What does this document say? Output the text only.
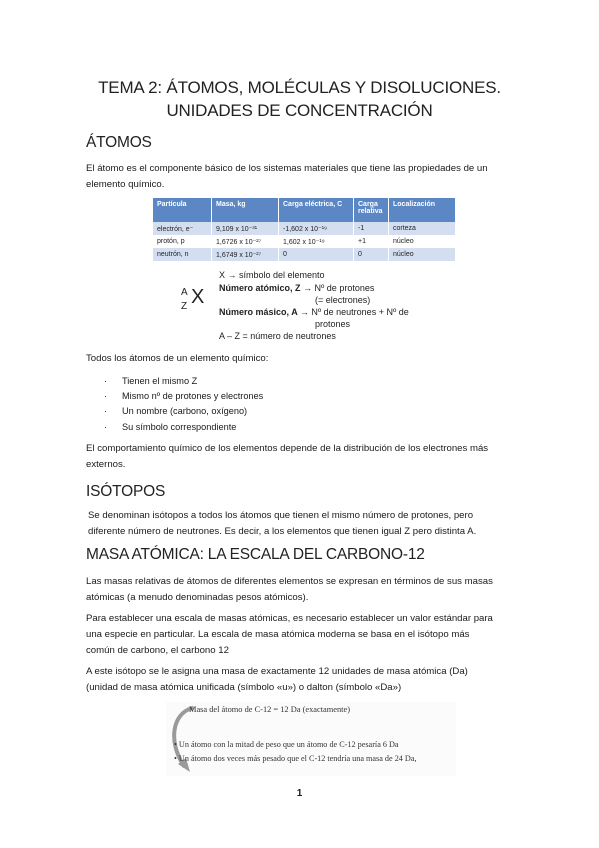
TEMA 2: ÁTOMOS, MOLÉCULAS Y DISOLUCIONES.
UNIDADES DE CONCENTRACIÓN
ÁTOMOS
El átomo es el componente básico de los sistemas materiales que tiene las propiedades de un
elemento químico.
Partícula	Masa, kg	Carga eléctrica, C	Carga relativa	Localización
electrón, e⁻	9,109 x 10⁻³¹	-1,602 x 10⁻¹⁹	-1	corteza
protón, p	1,6726 x 10⁻²⁷	1,602 x 10⁻¹⁹	+1	núcleo
neutrón, n	1,6749 x 10⁻²⁷	0	0	núcleo
A
Z X
X → símbolo del elemento
Número atómico, Z → Nº de protones
(= electrones)
Número másico, A → Nº de neutrones + Nº de
protones
A – Z = número de neutrones
Todos los átomos de un elemento químico:
· Tienen el mismo Z
· Mismo nº de protones y electrones
· Un nombre (carbono, oxígeno)
· Su símbolo correspondiente
El comportamiento químico de los elementos depende de la distribución de los electrones más
externos.
ISÓTOPOS
Se denominan isótopos a todos los átomos que tienen el mismo número de protones, pero
diferente número de neutrones. Es decir, a los elementos que tienen igual Z pero distinta A.
MASA ATÓMICA: LA ESCALA DEL CARBONO-12
Las masas relativas de átomos de diferentes elementos se expresan en términos de sus masas
atómicas (a menudo denominadas pesos atómicos).
Para establecer una escala de masas atómicas, es necesario establecer un valor estándar para
una especie en particular. La escala de masa atómica moderna se basa en el isótopo más
común de carbono, el carbono 12
A este isótopo se le asigna una masa de exactamente 12 unidades de masa atómica (Da)
(unidad de masa atómica unificada (símbolo «u») o dalton (símbolo «Da»)
Masa del átomo de C-12 = 12 Da (exactamente)
• Un átomo con la mitad de peso que un átomo de C-12 pesaría 6 Da
• Un átomo dos veces más pesado que el C-12 tendría una masa de 24 Da,
1
